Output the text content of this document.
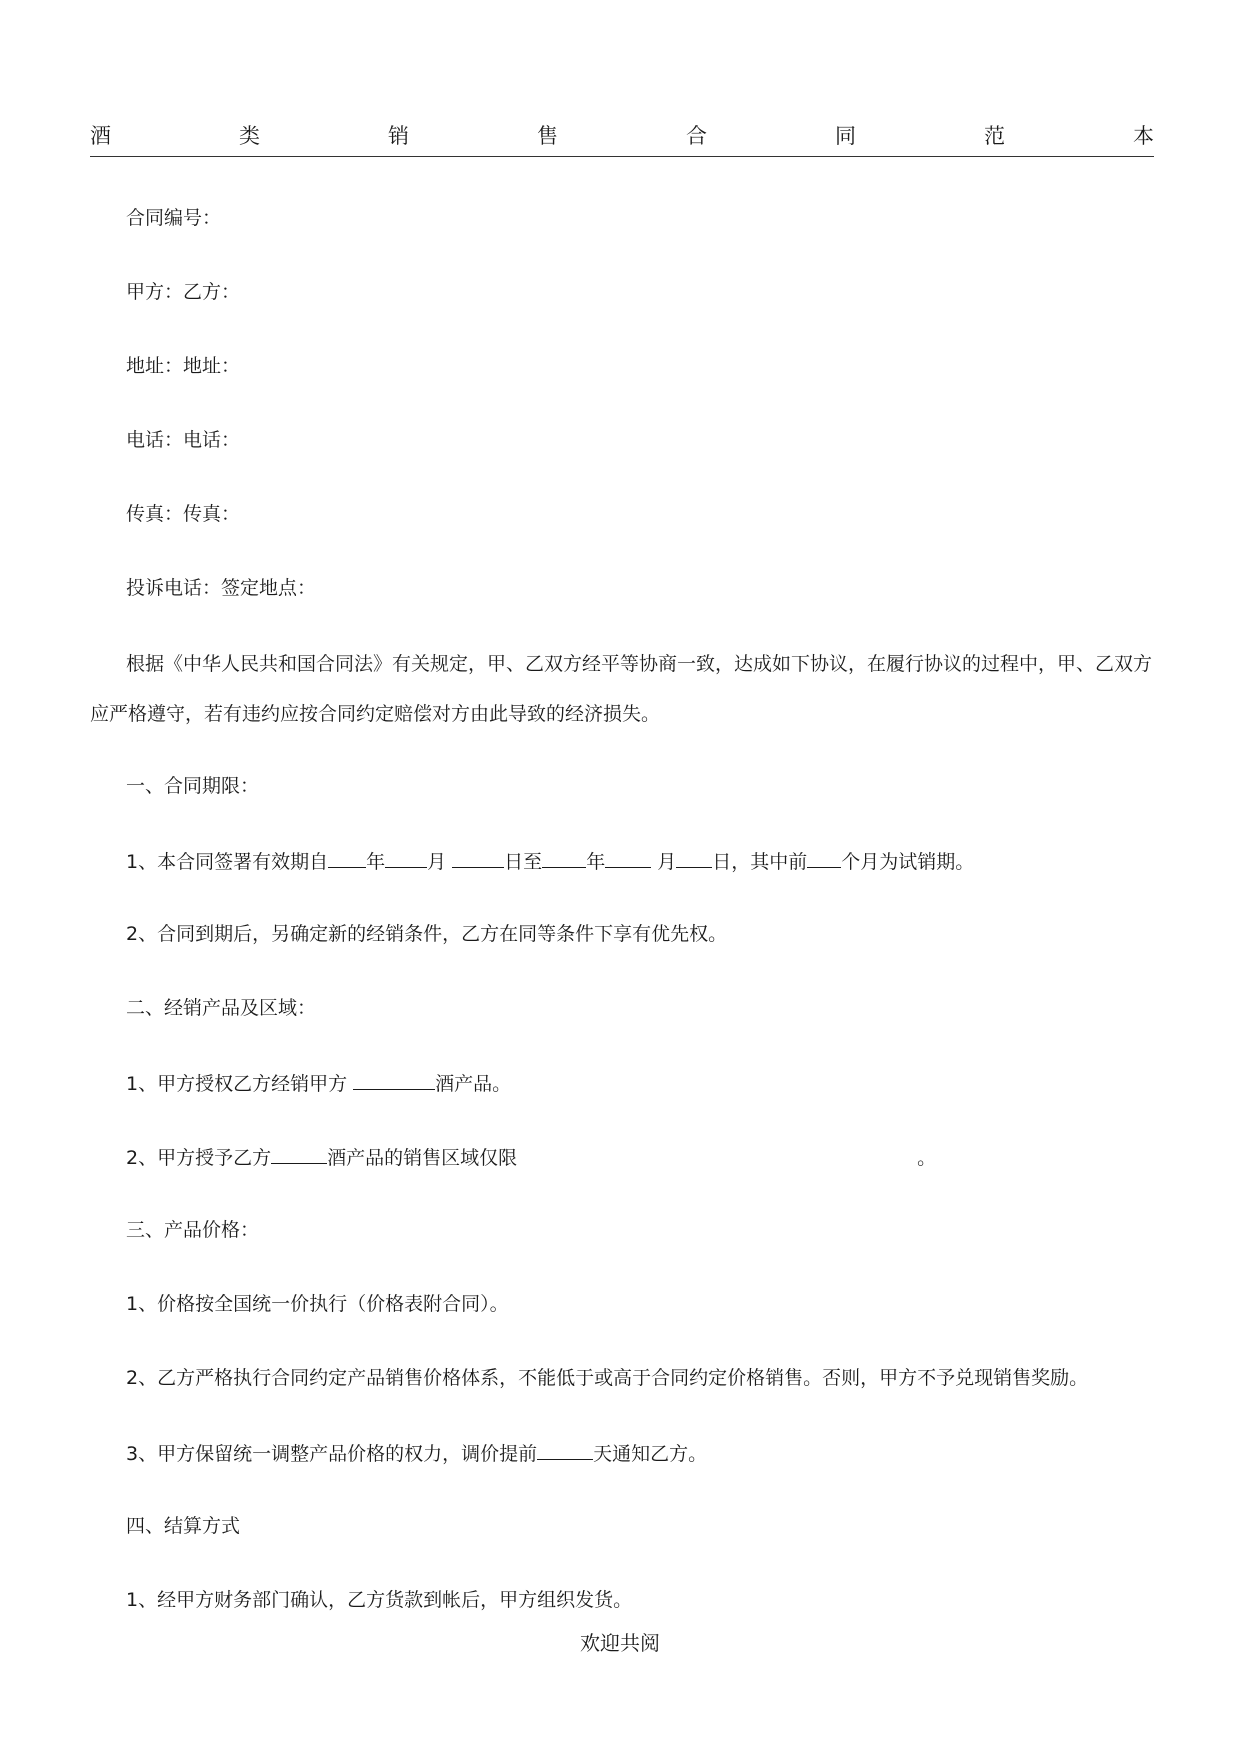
酒	类	销	售	合	同	范	本
合同编号：
甲方：乙方：
地址：地址：
电话：电话：
传真：传真：
投诉电话：签定地点：
根据《中华人民共和国合同法》有关规定，甲、乙双方经平等协商一致，达成如下协议，在履行协议的过程中，甲、乙双方应严格遵守，若有违约应按合同约定赔偿对方由此导致的经济损失。
一、合同期限：
1、本合同签署有效期自 年 月	日至 年	月 日，其中前 个月为试销期。
2、合同到期后，另确定新的经销条件，乙方在同等条件下享有优先权。
二、经销产品及区域：
1、甲方授权乙方经销甲方	酒产品。
2、甲方授予乙方	酒产品的销售区域仅限	。
三、产品价格：
1、价格按全国统一价执行（价格表附合同）。
2、乙方严格执行合同约定产品销售价格体系，不能低于或高于合同约定价格销售。否则，甲方不予兑现销售奖励。
3、甲方保留统一调整产品价格的权力，调价提前	天通知乙方。
四、结算方式
1、经甲方财务部门确认，乙方货款到帐后，甲方组织发货。
欢迎共阅
